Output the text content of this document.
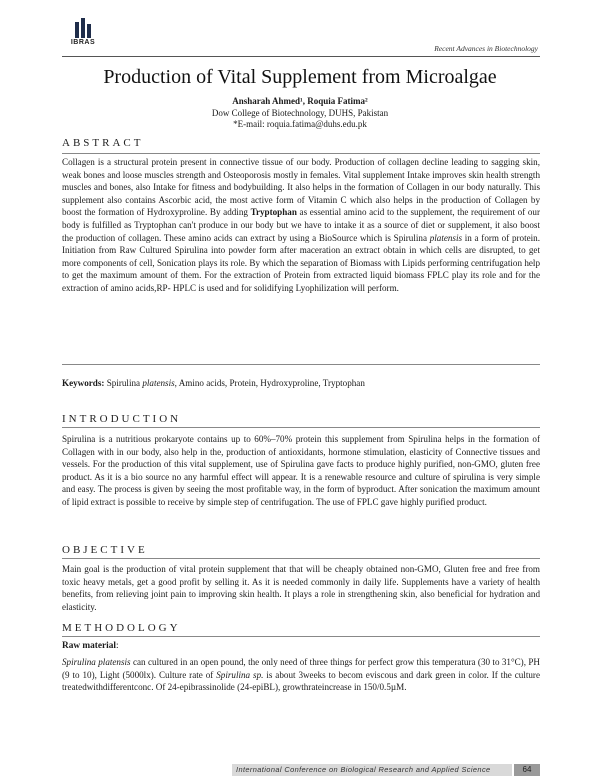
IBRAS
Recent Advances in Biotechnology
Production of Vital Supplement from Microalgae
Ansharah Ahmed¹, Roquia Fatima²
Dow College of Biotechnology, DUHS, Pakistan
*E-mail: roquia.fatima@duhs.edu.pk
ABSTRACT
Collagen is a structural protein present in connective tissue of our body. Production of collagen decline leading to sagging skin, weak bones and loose muscles strength and Osteoporosis mostly in females. Vital supplement Intake improves skin health strength muscles and bones, also Intake for fitness and bodybuilding. It also helps in the formation of Collagen in our body naturally. This supplement also contains Ascorbic acid, the most active form of Vitamin C which also helps in the production of Collagen by boost the formation of Hydroxyproline. By adding Tryptophan as essential amino acid to the supplement, the requirement of our body is fulfilled as Tryptophan can't produce in our body but we have to intake it as a source of diet or supplement, it also boost the production of collagen. These amino acids can extract by using a BioSource which is Spirulina platensis in a form of protein. Initiation from Raw Cultured Spirulina into powder form after maceration an extract obtain in which cells are disrupted, to get more components of cell, Sonication plays its role. By which the separation of Biomass with Lipids performing centrifugation help to get the maximum amount of them. For the extraction of Protein from extracted liquid biomass FPLC play its role and for the extraction of amino acids,RP- HPLC is used and for solidifying Lyophilization will perform.
Keywords: Spirulina platensis, Amino acids, Protein, Hydroxyproline, Tryptophan
INTRODUCTION
Spirulina is a nutritious prokaryote contains up to 60%–70% protein this supplement from Spirulina helps in the formation of Collagen with in our body, also help in the, production of antioxidants, hormone stimulation, elasticity of Connective tissues and vessels. For the production of this vital supplement, use of Spirulina gave facts to produce highly purified, non-GMO, gluten free product. As it is a bio source no any harmful effect will appear. It is a renewable resource and culture of spirulina is very simple and easy. The process is given by seeing the most profitable way, in the form of byproduct. After sonication the maximum amount of lipid extract is possible to receive by simple step of centrifugation. The use of FPLC gave highly purified product.
OBJECTIVE
Main goal is the production of vital protein supplement that that will be cheaply obtained non-GMO, Gluten free and free from toxic heavy metals, get a good profit by selling it. As it is needed commonly in daily life. Supplements have a variety of health benefits, from relieving joint pain to improving skin health. It plays a role in strengthening skin, also beneficial for hydration and elasticity.
METHODOLOGY
Raw material:
Spirulina platensis can cultured in an open pound, the only need of three things for perfect grow this temperatura (30 to 31°C), PH (9 to 10), Light (5000lx). Culture rate of Spirulina sp. is about 3weeks to becom eviscous and dark green in color. If the culture treatedwithdifferentconc. Of 24-epibrassinolide (24-epiBL), growthrateincrease in 150/0.5µM.
International Conference on Biological Research and Applied Science	64
